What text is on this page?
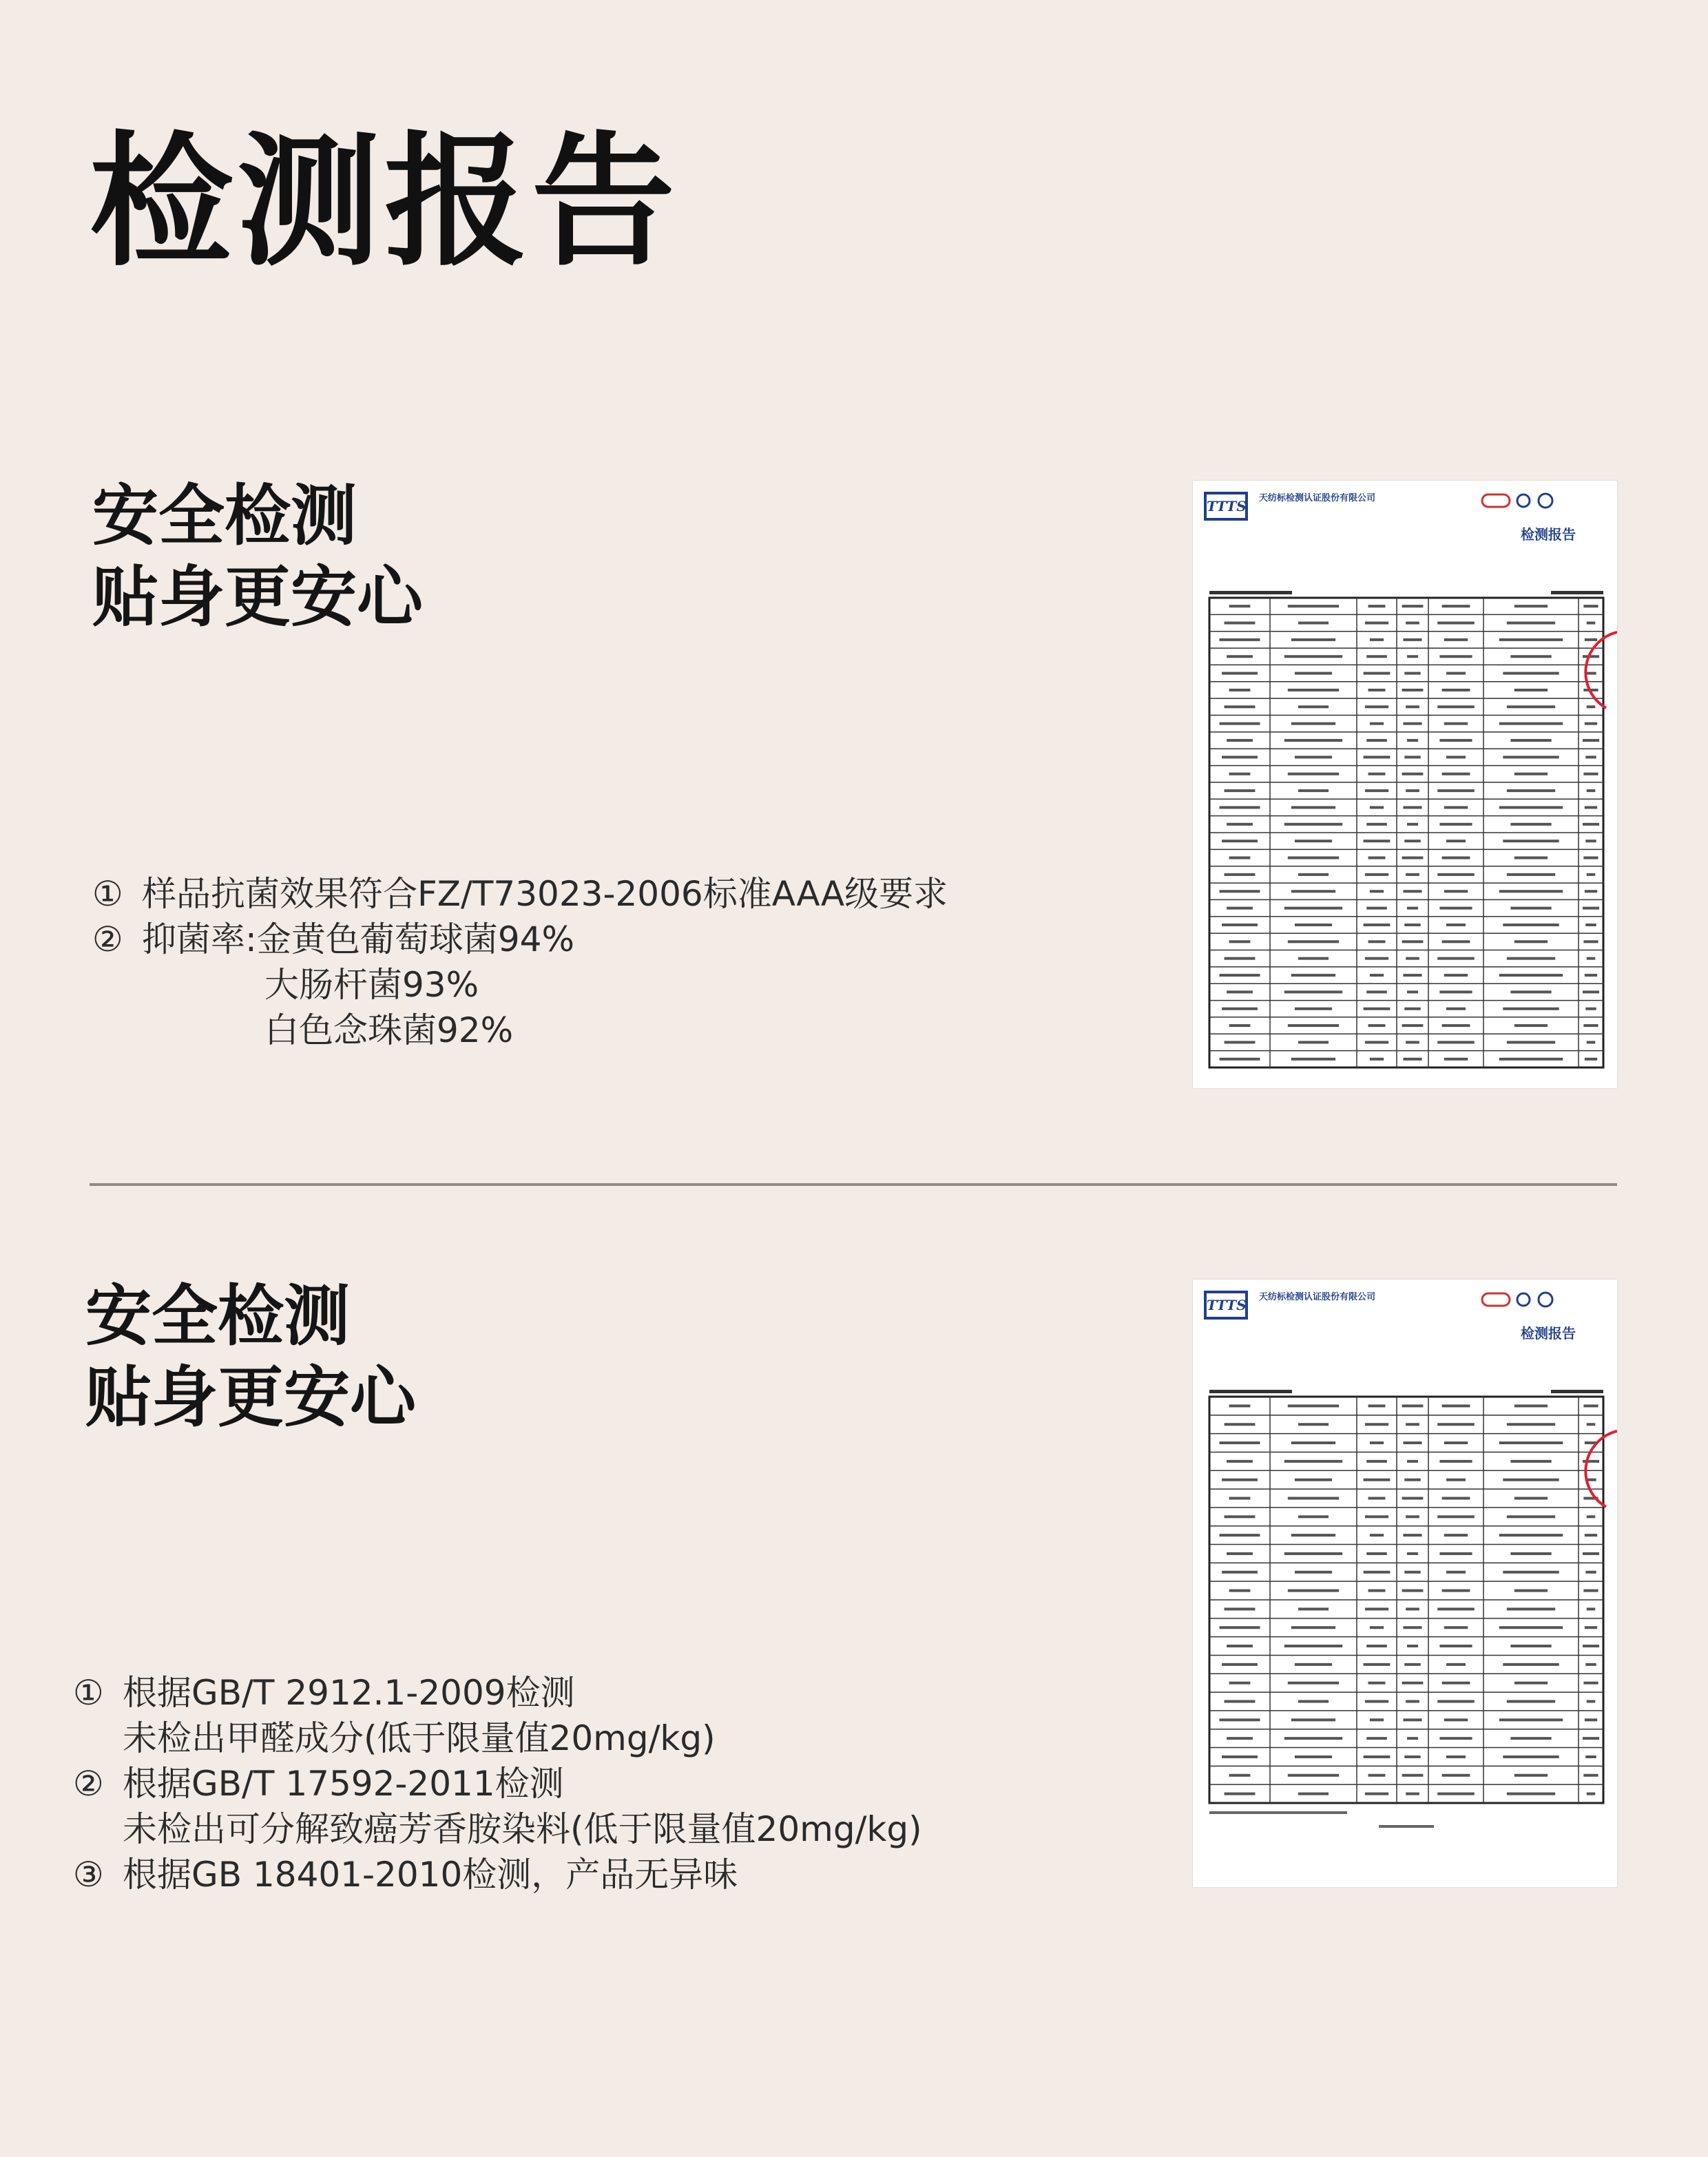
检测报告
安全检测
贴身更安心
① 样品抗菌效果符合FZ/T73023-2006标准AAA级要求
② 抑菌率:金黄色葡萄球菌94%
大肠杆菌93%
白色念珠菌92%
TTTS 天纺标检测认证股份有限公司
检测报告
安全检测
贴身更安心
① 根据GB/T 2912.1-2009检测
未检出甲醛成分(低于限量值20mg/kg)
② 根据GB/T 17592-2011检测
未检出可分解致癌芳香胺染料(低于限量值20mg/kg)
③ 根据GB 18401-2010检测，产品无异味
TTTS 天纺标检测认证股份有限公司
检测报告
